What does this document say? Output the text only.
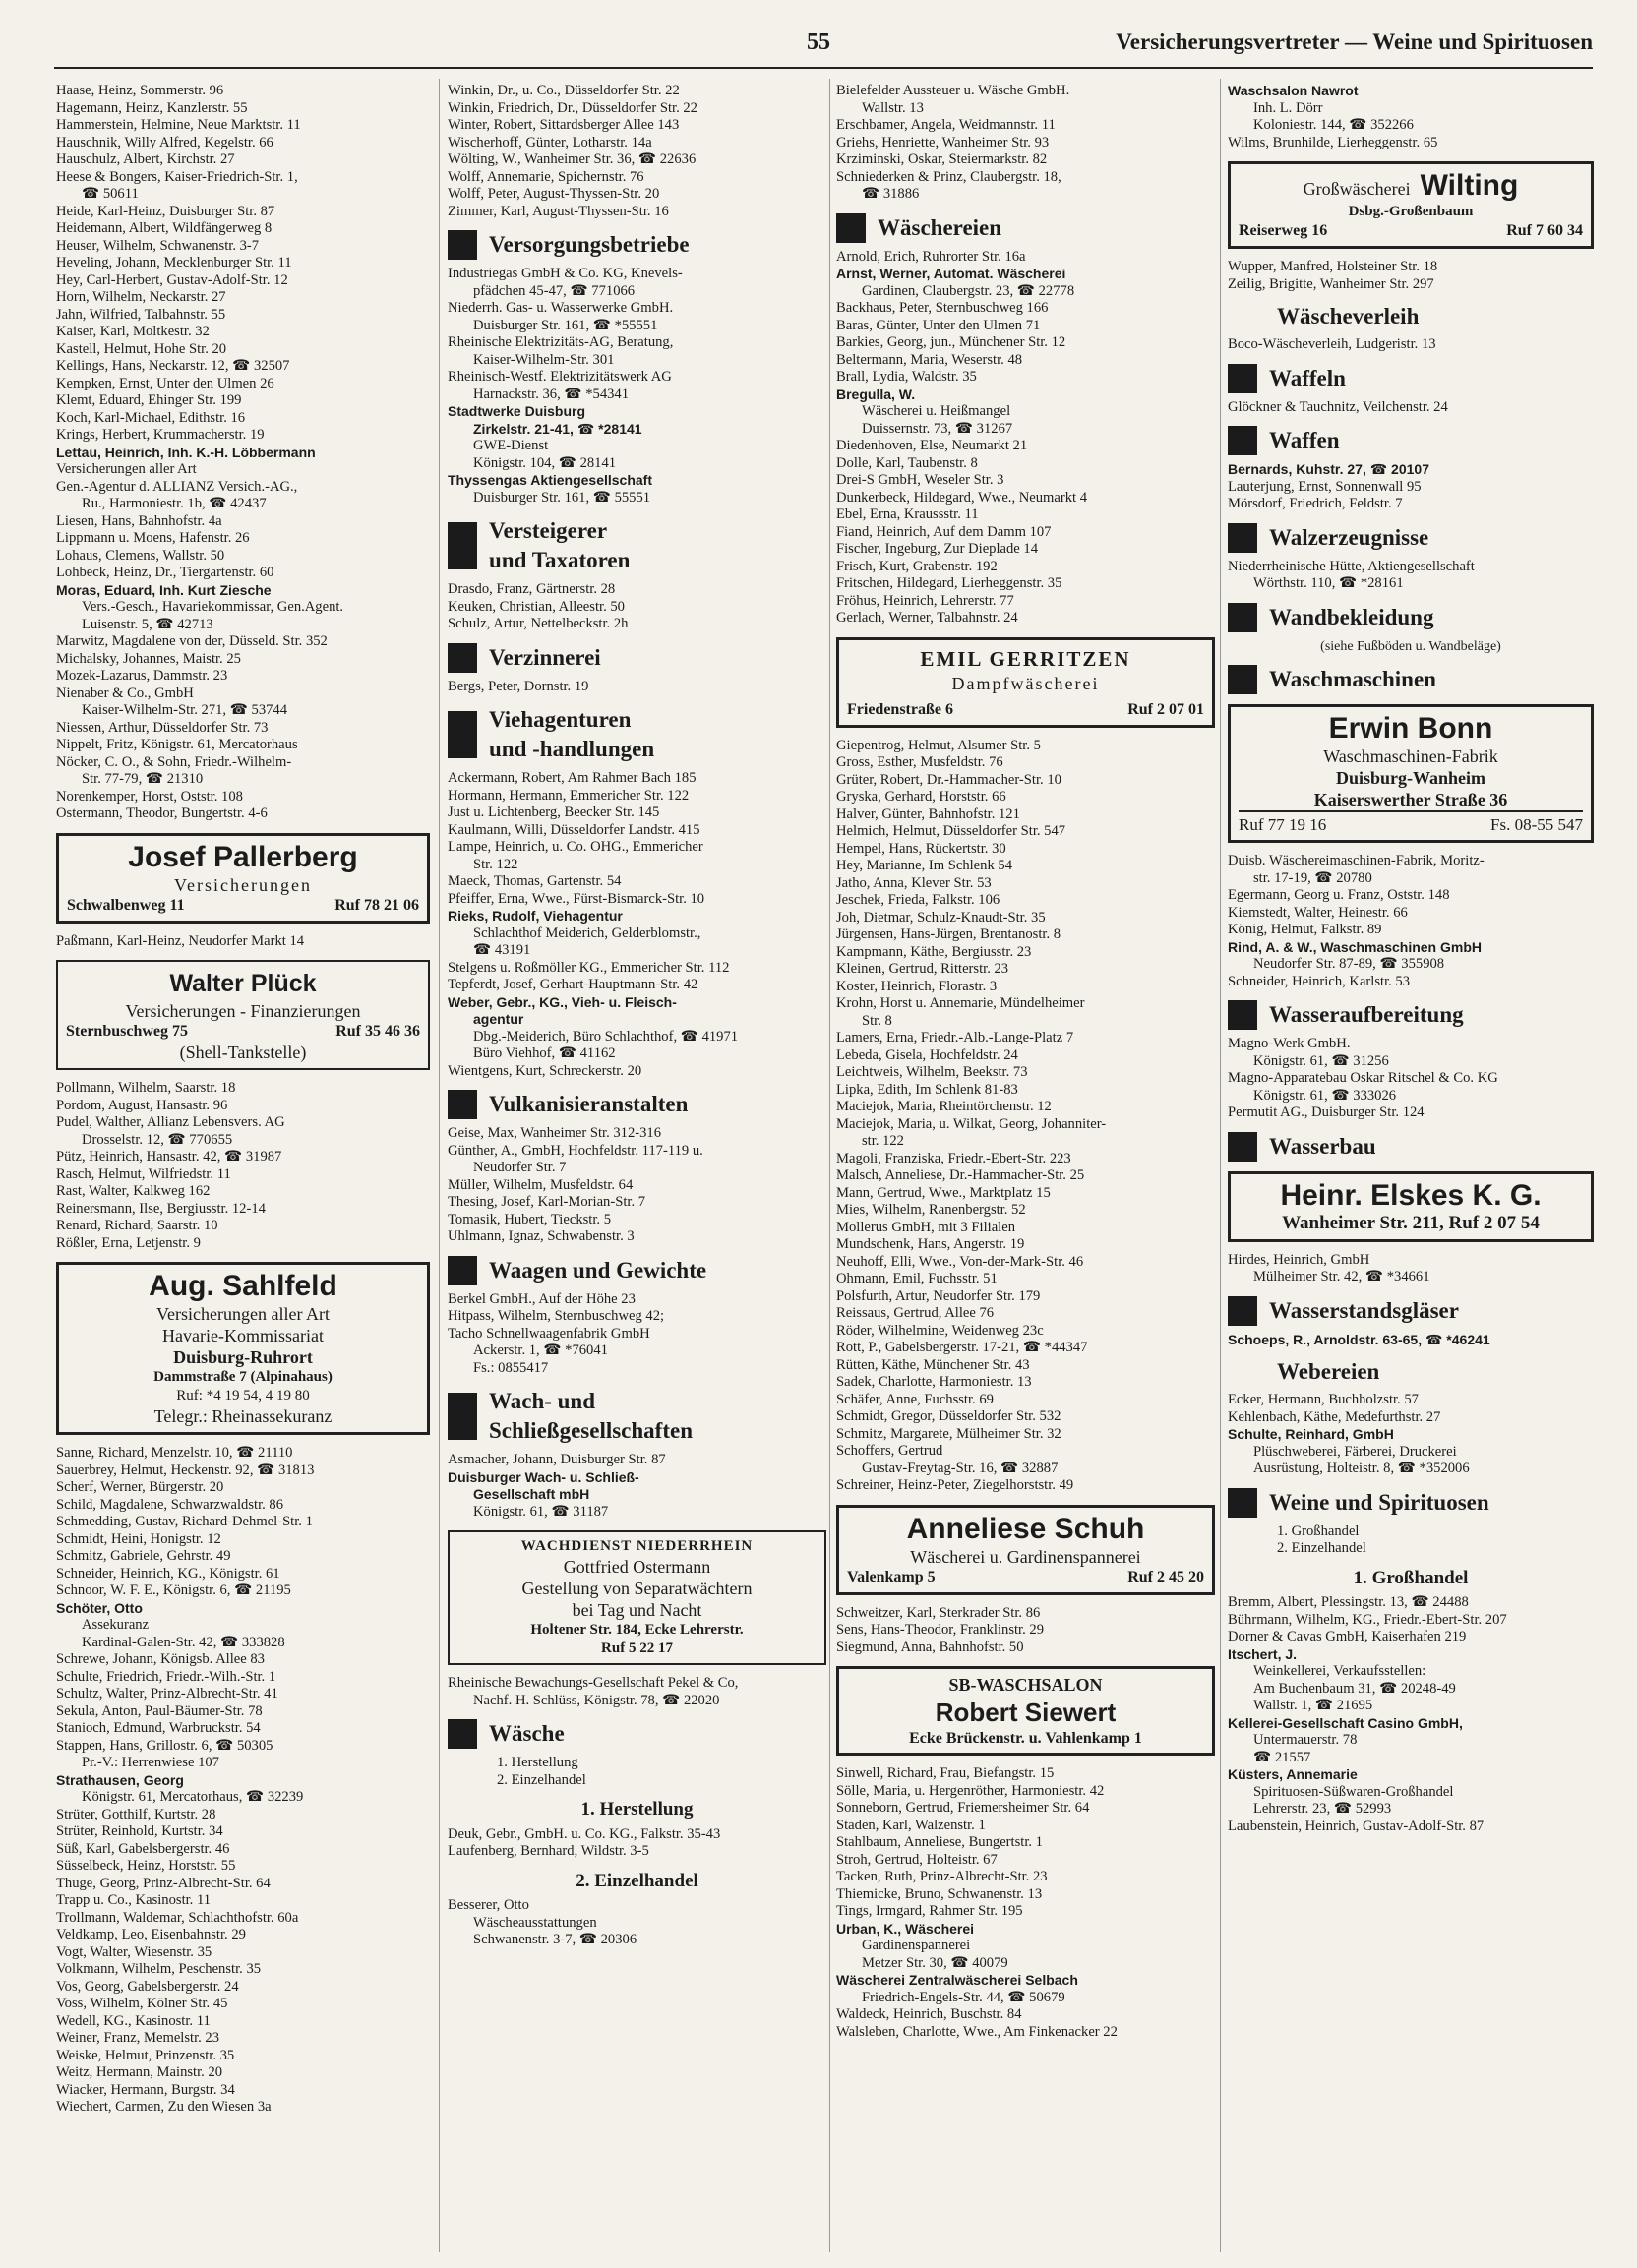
55	Versicherungsvertreter — Weine und Spirituosen
Haase, Heinz, Sommerstr. 96
Hagemann, Heinz, Kanzlerstr. 55
Hammerstein, Helmine, Neue Marktstr. 11
Hauschnik, Willy Alfred, Kegelstr. 66
Hauschulz, Albert, Kirchstr. 27
Heese & Bongers, Kaiser-Friedrich-Str. 1,
☎ 50611
Heide, Karl-Heinz, Duisburger Str. 87
Heidemann, Albert, Wildfängerweg 8
Heuser, Wilhelm, Schwanenstr. 3-7
Heveling, Johann, Mecklenburger Str. 11
Hey, Carl-Herbert, Gustav-Adolf-Str. 12
Horn, Wilhelm, Neckarstr. 27
Jahn, Wilfried, Talbahnstr. 55
Kaiser, Karl, Moltkestr. 32
Kastell, Helmut, Hohe Str. 20
Kellings, Hans, Neckarstr. 12, ☎ 32507
Kempken, Ernst, Unter den Ulmen 26
Klemt, Eduard, Ehinger Str. 199
Koch, Karl-Michael, Edithstr. 16
Krings, Herbert, Krummacherstr. 19
Lettau, Heinrich, Inh. K.-H. Löbbermann
Versicherungen aller Art
Gen.-Agentur d. ALLIANZ Versich.-AG.,
Ru., Harmoniestr. 1b, ☎ 42437
Liesen, Hans, Bahnhofstr. 4a
Lippmann u. Moens, Hafenstr. 26
Lohaus, Clemens, Wallstr. 50
Lohbeck, Heinz, Dr., Tiergartenstr. 60
Moras, Eduard, Inh. Kurt Ziesche
Vers.-Gesch., Havariekommissar, Gen.Agent.
Luisenstr. 5, ☎ 42713
Marwitz, Magdalene von der, Düsseld. Str. 352
Michalsky, Johannes, Maistr. 25
Mozek-Lazarus, Dammstr. 23
Nienaber & Co., GmbH
Kaiser-Wilhelm-Str. 271, ☎ 53744
Niessen, Arthur, Düsseldorfer Str. 73
Nippelt, Fritz, Königstr. 61, Mercatorhaus
Nöcker, C. O., & Sohn, Friedr.-Wilhelm-
Str. 77-79, ☎ 21310
Norenkemper, Horst, Oststr. 108
Ostermann, Theodor, Bungertstr. 4-6
Josef Pallerberg
Versicherungen
Schwalbenweg 11	Ruf 78 21 06
Paßmann, Karl-Heinz, Neudorfer Markt 14
Walter Plück
Versicherungen - Finanzierungen
Sternbuschweg 75	Ruf 35 46 36
(Shell-Tankstelle)
Pollmann, Wilhelm, Saarstr. 18
Pordom, August, Hansastr. 96
Pudel, Walther, Allianz Lebensvers. AG
Drosselstr. 12, ☎ 770655
Pütz, Heinrich, Hansastr. 42, ☎ 31987
Rasch, Helmut, Wilfriedstr. 11
Rast, Walter, Kalkweg 162
Reinersmann, Ilse, Bergiusstr. 12-14
Renard, Richard, Saarstr. 10
Rößler, Erna, Letjenstr. 9
Aug. Sahlfeld
Versicherungen aller Art
Havarie-Kommissariat
Duisburg-Ruhrort
Dammstraße 7 (Alpinahaus)
Ruf: *4 19 54, 4 19 80
Telegr.: Rheinassekuranz
Sanne, Richard, Menzelstr. 10, ☎ 21110
Sauerbrey, Helmut, Heckenstr. 92, ☎ 31813
Scherf, Werner, Bürgerstr. 20
Schild, Magdalene, Schwarzwaldstr. 86
Schmedding, Gustav, Richard-Dehmel-Str. 1
Schmidt, Heini, Honigstr. 12
Schmitz, Gabriele, Gehrstr. 49
Schneider, Heinrich, KG., Königstr. 61
Schnoor, W. F. E., Königstr. 6, ☎ 21195
Schöter, Otto
Assekuranz
Kardinal-Galen-Str. 42, ☎ 333828
Schrewe, Johann, Königsb. Allee 83
Schulte, Friedrich, Friedr.-Wilh.-Str. 1
Schultz, Walter, Prinz-Albrecht-Str. 41
Sekula, Anton, Paul-Bäumer-Str. 78
Stanioch, Edmund, Warbruckstr. 54
Stappen, Hans, Grillostr. 6, ☎ 50305
Pr.-V.: Herrenwiese 107
Strathausen, Georg
Königstr. 61, Mercatorhaus, ☎ 32239
Strüter, Gotthilf, Kurtstr. 28
Strüter, Reinhold, Kurtstr. 34
Süß, Karl, Gabelsbergerstr. 46
Süsselbeck, Heinz, Horststr. 55
Thuge, Georg, Prinz-Albrecht-Str. 64
Trapp u. Co., Kasinostr. 11
Trollmann, Waldemar, Schlachthofstr. 60a
Veldkamp, Leo, Eisenbahnstr. 29
Vogt, Walter, Wiesenstr. 35
Volkmann, Wilhelm, Peschenstr. 35
Vos, Georg, Gabelsbergerstr. 24
Voss, Wilhelm, Kölner Str. 45
Wedell, KG., Kasinostr. 11
Weiner, Franz, Memelstr. 23
Weiske, Helmut, Prinzenstr. 35
Weitz, Hermann, Mainstr. 20
Wiacker, Hermann, Burgstr. 34
Wiechert, Carmen, Zu den Wiesen 3a
Winkin, Dr., u. Co., Düsseldorfer Str. 22
Winkin, Friedrich, Dr., Düsseldorfer Str. 22
Winter, Robert, Sittardsberger Allee 143
Wischerhoff, Günter, Lotharstr. 14a
Wölting, W., Wanheimer Str. 36, ☎ 22636
Wolff, Annemarie, Spichernstr. 76
Wolff, Peter, August-Thyssen-Str. 20
Zimmer, Karl, August-Thyssen-Str. 16
Versorgungsbetriebe
Industriegas GmbH & Co. KG, Knevels-
pfädchen 45-47, ☎ 771066
Niederrh. Gas- u. Wasserwerke GmbH.
Duisburger Str. 161, ☎ *55551
Rheinische Elektrizitäts-AG, Beratung,
Kaiser-Wilhelm-Str. 301
Rheinisch-Westf. Elektrizitätswerk AG
Harnackstr. 36, ☎ *54341
Stadtwerke Duisburg
Zirkelstr. 21-41, ☎ *28141
GWE-Dienst
Königstr. 104, ☎ 28141
Thyssengas Aktiengesellschaft
Duisburger Str. 161, ☎ 55551
Versteigerer
und Taxatoren
Drasdo, Franz, Gärtnerstr. 28
Keuken, Christian, Alleestr. 50
Schulz, Artur, Nettelbeckstr. 2h
Verzinnerei
Bergs, Peter, Dornstr. 19
Viehagenturen
und -handlungen
Ackermann, Robert, Am Rahmer Bach 185
Hormann, Hermann, Emmericher Str. 122
Just u. Lichtenberg, Beecker Str. 145
Kaulmann, Willi, Düsseldorfer Landstr. 415
Lampe, Heinrich, u. Co. OHG., Emmericher
Str. 122
Maeck, Thomas, Gartenstr. 54
Pfeiffer, Erna, Wwe., Fürst-Bismarck-Str. 10
Rieks, Rudolf, Viehagentur
Schlachthof Meiderich, Gelderblomstr.,
☎ 43191
Stelgens u. Roßmöller KG., Emmericher Str. 112
Tepferdt, Josef, Gerhart-Hauptmann-Str. 42
Weber, Gebr., KG., Vieh- u. Fleisch-
agentur
Dbg.-Meiderich, Büro Schlachthof, ☎ 41971
Büro Viehhof, ☎ 41162
Wientgens, Kurt, Schreckerstr. 20
Vulkanisieranstalten
Geise, Max, Wanheimer Str. 312-316
Günther, A., GmbH, Hochfeldstr. 117-119 u.
Neudorfer Str. 7
Müller, Wilhelm, Musfeldstr. 64
Thesing, Josef, Karl-Morian-Str. 7
Tomasik, Hubert, Tieckstr. 5
Uhlmann, Ignaz, Schwabenstr. 3
Waagen und Gewichte
Berkel GmbH., Auf der Höhe 23
Hitpass, Wilhelm, Sternbuschweg 42;
Tacho Schnellwaagenfabrik GmbH
Ackerstr. 1, ☎ *76041
Fs.: 0855417
Wach- und
Schließgesellschaften
Asmacher, Johann, Duisburger Str. 87
Duisburger Wach- u. Schließ-
Gesellschaft mbH
Königstr. 61, ☎ 31187
WACHDIENST NIEDERRHEIN
Gottfried Ostermann
Gestellung von Separatwächtern
bei Tag und Nacht
Holtener Str. 184, Ecke Lehrerstr.
Ruf 5 22 17
Rheinische Bewachungs-Gesellschaft Pekel & Co,
Nachf. H. Schlüss, Königstr. 78, ☎ 22020
Wäsche
1. Herstellung
2. Einzelhandel
1. Herstellung
Deuk, Gebr., GmbH. u. Co. KG., Falkstr. 35-43
Laufenberg, Bernhard, Wildstr. 3-5
2. Einzelhandel
Besserer, Otto
Wäscheausstattungen
Schwanenstr. 3-7, ☎ 20306
Bielefelder Aussteuer u. Wäsche GmbH.
Wallstr. 13
Erschbamer, Angela, Weidmannstr. 11
Griehs, Henriette, Wanheimer Str. 93
Krziminski, Oskar, Steiermarkstr. 82
Schniederken & Prinz, Claubergstr. 18,
☎ 31886
Wäschereien
Arnold, Erich, Ruhrorter Str. 16a
Arnst, Werner, Automat. Wäscherei
Gardinen, Claubergstr. 23, ☎ 22778
Backhaus, Peter, Sternbuschweg 166
Baras, Günter, Unter den Ulmen 71
Barkies, Georg, jun., Münchener Str. 12
Beltermann, Maria, Weserstr. 48
Brall, Lydia, Waldstr. 35
Bregulla, W.
Wäscherei u. Heißmangel
Duissernstr. 73, ☎ 31267
Diedenhoven, Else, Neumarkt 21
Dolle, Karl, Taubenstr. 8
Drei-S GmbH, Weseler Str. 3
Dunkerbeck, Hildegard, Wwe., Neumarkt 4
Ebel, Erna, Kraussstr. 11
Fiand, Heinrich, Auf dem Damm 107
Fischer, Ingeburg, Zur Dieplade 14
Frisch, Kurt, Grabenstr. 192
Fritschen, Hildegard, Lierheggenstr. 35
Fröhus, Heinrich, Lehrerstr. 77
Gerlach, Werner, Talbahnstr. 24
EMIL GERRITZEN
Dampfwäscherei
Friedenstraße 6	Ruf 2 07 01
Giepentrog, Helmut, Alsumer Str. 5
Gross, Esther, Musfeldstr. 76
Grüter, Robert, Dr.-Hammacher-Str. 10
Gryska, Gerhard, Horststr. 66
Halver, Günter, Bahnhofstr. 121
Helmich, Helmut, Düsseldorfer Str. 547
Hempel, Hans, Rückertstr. 30
Hey, Marianne, Im Schlenk 54
Jatho, Anna, Klever Str. 53
Jeschek, Frieda, Falkstr. 106
Joh, Dietmar, Schulz-Knaudt-Str. 35
Jürgensen, Hans-Jürgen, Brentanostr. 8
Kampmann, Käthe, Bergiusstr. 23
Kleinen, Gertrud, Ritterstr. 23
Koster, Heinrich, Florastr. 3
Krohn, Horst u. Annemarie, Mündelheimer
Str. 8
Lamers, Erna, Friedr.-Alb.-Lange-Platz 7
Lebeda, Gisela, Hochfeldstr. 24
Leichtweis, Wilhelm, Beekstr. 73
Lipka, Edith, Im Schlenk 81-83
Maciejok, Maria, Rheintörchenstr. 12
Maciejok, Maria, u. Wilkat, Georg, Johanniter-
str. 122
Magoli, Franziska, Friedr.-Ebert-Str. 223
Malsch, Anneliese, Dr.-Hammacher-Str. 25
Mann, Gertrud, Wwe., Marktplatz 15
Mies, Wilhelm, Ranenbergstr. 52
Mollerus GmbH, mit 3 Filialen
Mundschenk, Hans, Angerstr. 19
Neuhoff, Elli, Wwe., Von-der-Mark-Str. 46
Ohmann, Emil, Fuchsstr. 51
Polsfurth, Artur, Neudorfer Str. 179
Reissaus, Gertrud, Allee 76
Röder, Wilhelmine, Weidenweg 23c
Rott, P., Gabelsbergerstr. 17-21, ☎ *44347
Rütten, Käthe, Münchener Str. 43
Sadek, Charlotte, Harmoniestr. 13
Schäfer, Anne, Fuchsstr. 69
Schmidt, Gregor, Düsseldorfer Str. 532
Schmitz, Margarete, Mülheimer Str. 32
Schoffers, Gertrud
Gustav-Freytag-Str. 16, ☎ 32887
Schreiner, Heinz-Peter, Ziegelhorststr. 49
Anneliese Schuh
Wäscherei u. Gardinenspannerei
Valenkamp 5	Ruf 2 45 20
Schweitzer, Karl, Sterkrader Str. 86
Sens, Hans-Theodor, Franklinstr. 29
Siegmund, Anna, Bahnhofstr. 50
SB-WASCHSALON
Robert Siewert
Ecke Brückenstr. u. Vahlenkamp 1
Sinwell, Richard, Frau, Biefangstr. 15
Sölle, Maria, u. Hergenröther, Harmoniestr. 42
Sonneborn, Gertrud, Friemersheimer Str. 64
Staden, Karl, Walzenstr. 1
Stahlbaum, Anneliese, Bungertstr. 1
Stroh, Gertrud, Holteistr. 67
Tacken, Ruth, Prinz-Albrecht-Str. 23
Thiemicke, Bruno, Schwanenstr. 13
Tings, Irmgard, Rahmer Str. 195
Urban, K., Wäscherei
Gardinenspannerei
Metzer Str. 30, ☎ 40079
Wäscherei Zentralwäscherei Selbach
Friedrich-Engels-Str. 44, ☎ 50679
Waldeck, Heinrich, Buschstr. 84
Walsleben, Charlotte, Wwe., Am Finkenacker 22
Waschsalon Nawrot
Inh. L. Dörr
Koloniestr. 144, ☎ 352266
Wilms, Brunhilde, Lierheggenstr. 65
Großwäscherei Wilting
Dsbg.-Großenbaum
Reiserweg 16	Ruf 7 60 34
Wupper, Manfred, Holsteiner Str. 18
Zeilig, Brigitte, Wanheimer Str. 297
Wäscheverleih
Boco-Wäscheverleih, Ludgeristr. 13
Waffeln
Glöckner & Tauchnitz, Veilchenstr. 24
Waffen
Bernards, Kuhstr. 27, ☎ 20107
Lauterjung, Ernst, Sonnenwall 95
Mörsdorf, Friedrich, Feldstr. 7
Walzerzeugnisse
Niederrheinische Hütte, Aktiengesellschaft
Wörthstr. 110, ☎ *28161
Wandbekleidung
(siehe Fußböden u. Wandbeläge)
Waschmaschinen
Erwin Bonn
Waschmaschinen-Fabrik
Duisburg-Wanheim
Kaiserswerther Straße 36
Ruf 77 19 16	Fs. 08-55 547
Duisb. Wäschereimaschinen-Fabrik, Moritz-
str. 17-19, ☎ 20780
Egermann, Georg u. Franz, Oststr. 148
Kiemstedt, Walter, Heinestr. 66
König, Helmut, Falkstr. 89
Rind, A. & W., Waschmaschinen GmbH
Neudorfer Str. 87-89, ☎ 355908
Schneider, Heinrich, Karlstr. 53
Wasseraufbereitung
Magno-Werk GmbH.
Königstr. 61, ☎ 31256
Magno-Apparatebau Oskar Ritschel & Co. KG
Königstr. 61, ☎ 333026
Permutit AG., Duisburger Str. 124
Wasserbau
Heinr. Elskes K. G.
Wanheimer Str. 211, Ruf 2 07 54
Hirdes, Heinrich, GmbH
Mülheimer Str. 42, ☎ *34661
Wasserstandsgläser
Schoeps, R., Arnoldstr. 63-65, ☎ *46241
Webereien
Ecker, Hermann, Buchholzstr. 57
Kehlenbach, Käthe, Medefurthstr. 27
Schulte, Reinhard, GmbH
Plüschweberei, Färberei, Druckerei
Ausrüstung, Holteistr. 8, ☎ *352006
Weine und Spirituosen
1. Großhandel
2. Einzelhandel
1. Großhandel
Bremm, Albert, Plessingstr. 13, ☎ 24488
Bührmann, Wilhelm, KG., Friedr.-Ebert-Str. 207
Dorner & Cavas GmbH, Kaiserhafen 219
Itschert, J.
Weinkellerei, Verkaufsstellen:
Am Buchenbaum 31, ☎ 20248-49
Wallstr. 1, ☎ 21695
Kellerei-Gesellschaft Casino GmbH,
Untermauerstr. 78
☎ 21557
Küsters, Annemarie
Spirituosen-Süßwaren-Großhandel
Lehrerstr. 23, ☎ 52993
Laubenstein, Heinrich, Gustav-Adolf-Str. 87
